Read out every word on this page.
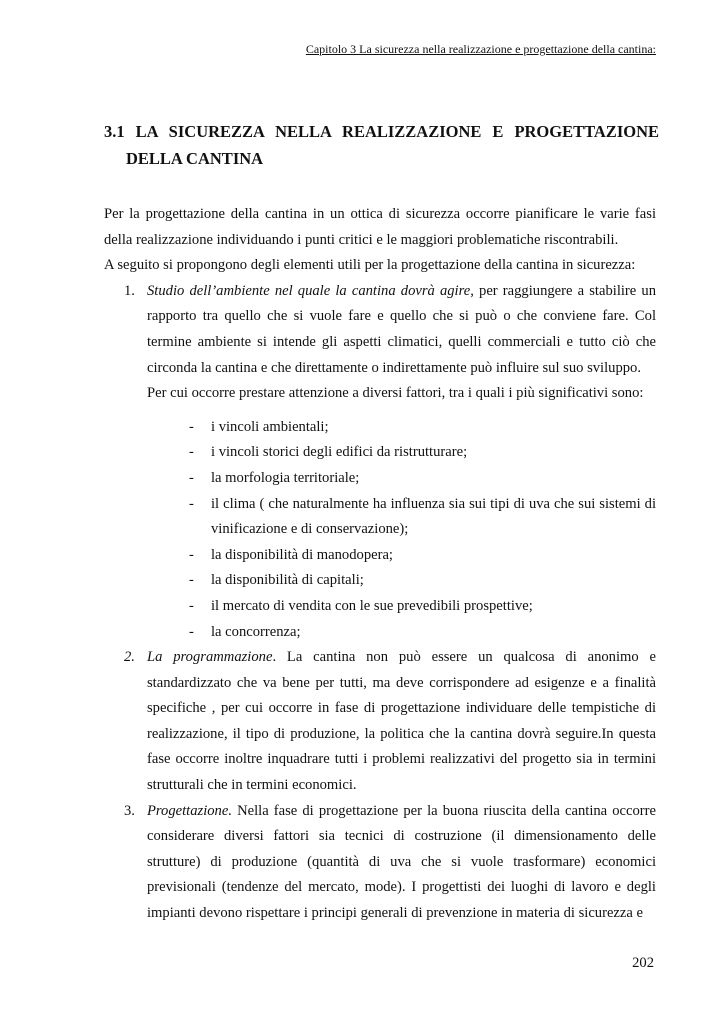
Capitolo 3 La sicurezza nella realizzazione e progettazione della cantina:
3.1 LA SICUREZZA NELLA REALIZZAZIONE E PROGETTAZIONE
DELLA CANTINA

Per la progettazione della cantina in un ottica di sicurezza occorre pianificare le varie fasi della realizzazione individuando i punti critici e le maggiori problematiche riscontrabili.

A seguito si propongono degli elementi utili per la progettazione della cantina in sicurezza:

1. Studio dell’ambiente nel quale la cantina dovrà agire, per raggiungere a stabilire un rapporto tra quello che si vuole fare e quello che si può o che conviene fare. Col termine ambiente si intende gli aspetti climatici, quelli commerciali e tutto ciò che circonda la cantina e che direttamente o indirettamente può influire sul suo sviluppo.

Per cui occorre prestare attenzione a diversi fattori, tra i quali i più significativi sono:

- i vincoli ambientali;
- i vincoli storici degli edifici da ristrutturare;
- la morfologia territoriale;
- il clima ( che naturalmente ha influenza sia sui tipi di uva che sui sistemi di vinificazione e di conservazione);
- la disponibilità di manodopera;
- la disponibilità di capitali;
- il mercato di vendita con le sue prevedibili prospettive;
- la concorrenza;
2. La programmazione. La cantina non può essere un qualcosa di anonimo e standardizzato che va bene per tutti, ma deve corrispondere ad esigenze e a finalità specifiche , per cui occorre in fase di progettazione individuare delle tempistiche di realizzazione, il tipo di produzione, la politica che la cantina dovrà seguire.In questa fase occorre inoltre inquadrare tutti i problemi realizzativi del progetto sia in termini strutturali che in termini economici.
3. Progettazione. Nella fase di progettazione per la buona riuscita della cantina occorre considerare diversi fattori sia tecnici di costruzione (il dimensionamento delle strutture) di produzione (quantità di uva che si vuole trasformare) economici previsionali (tendenze del mercato, mode). I progettisti dei luoghi di lavoro e degli impianti devono rispettare i principi generali di prevenzione in materia di sicurezza e
202
